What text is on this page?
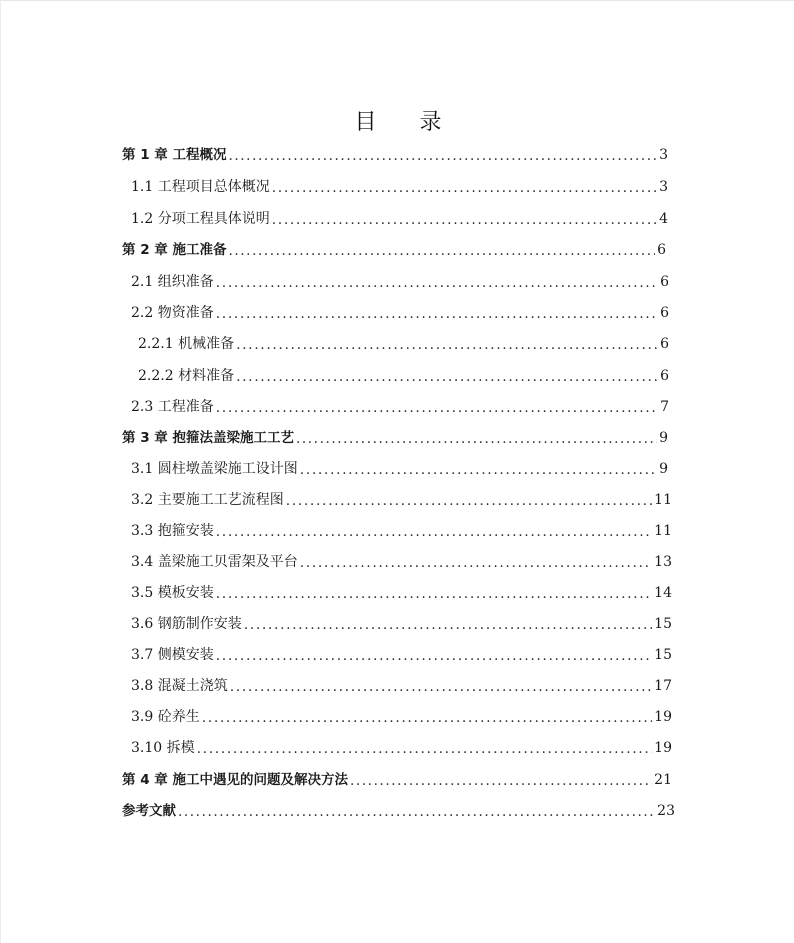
目 录
第 1 章 工程概况 .....	3
1.1 工程项目总体概况 .....	3
1.2 分项工程具体说明 .....	4
第 2 章 施工准备 .....	6
2.1 组织准备 .....	6
2.2 物资准备 .....	6
2.2.1 机械准备 .....	6
2.2.2 材料准备 .....	6
2.3 工程准备 .....	7
第 3 章 抱箍法盖梁施工工艺 .....	9
3.1 圆柱墩盖梁施工设计图 .....	9
3.2 主要施工工艺流程图 .....	11
3.3 抱箍安装 .....	11
3.4 盖梁施工贝雷架及平台 .....	13
3.5 模板安装 .....	14
3.6 钢筋制作安装 .....	15
3.7 侧模安装 .....	15
3.8 混凝土浇筑 .....	17
3.9 砼养生 .....	19
3.10 拆模 .....	19
第 4 章 施工中遇见的问题及解决方法 .....	21
参考文献 .....	23
